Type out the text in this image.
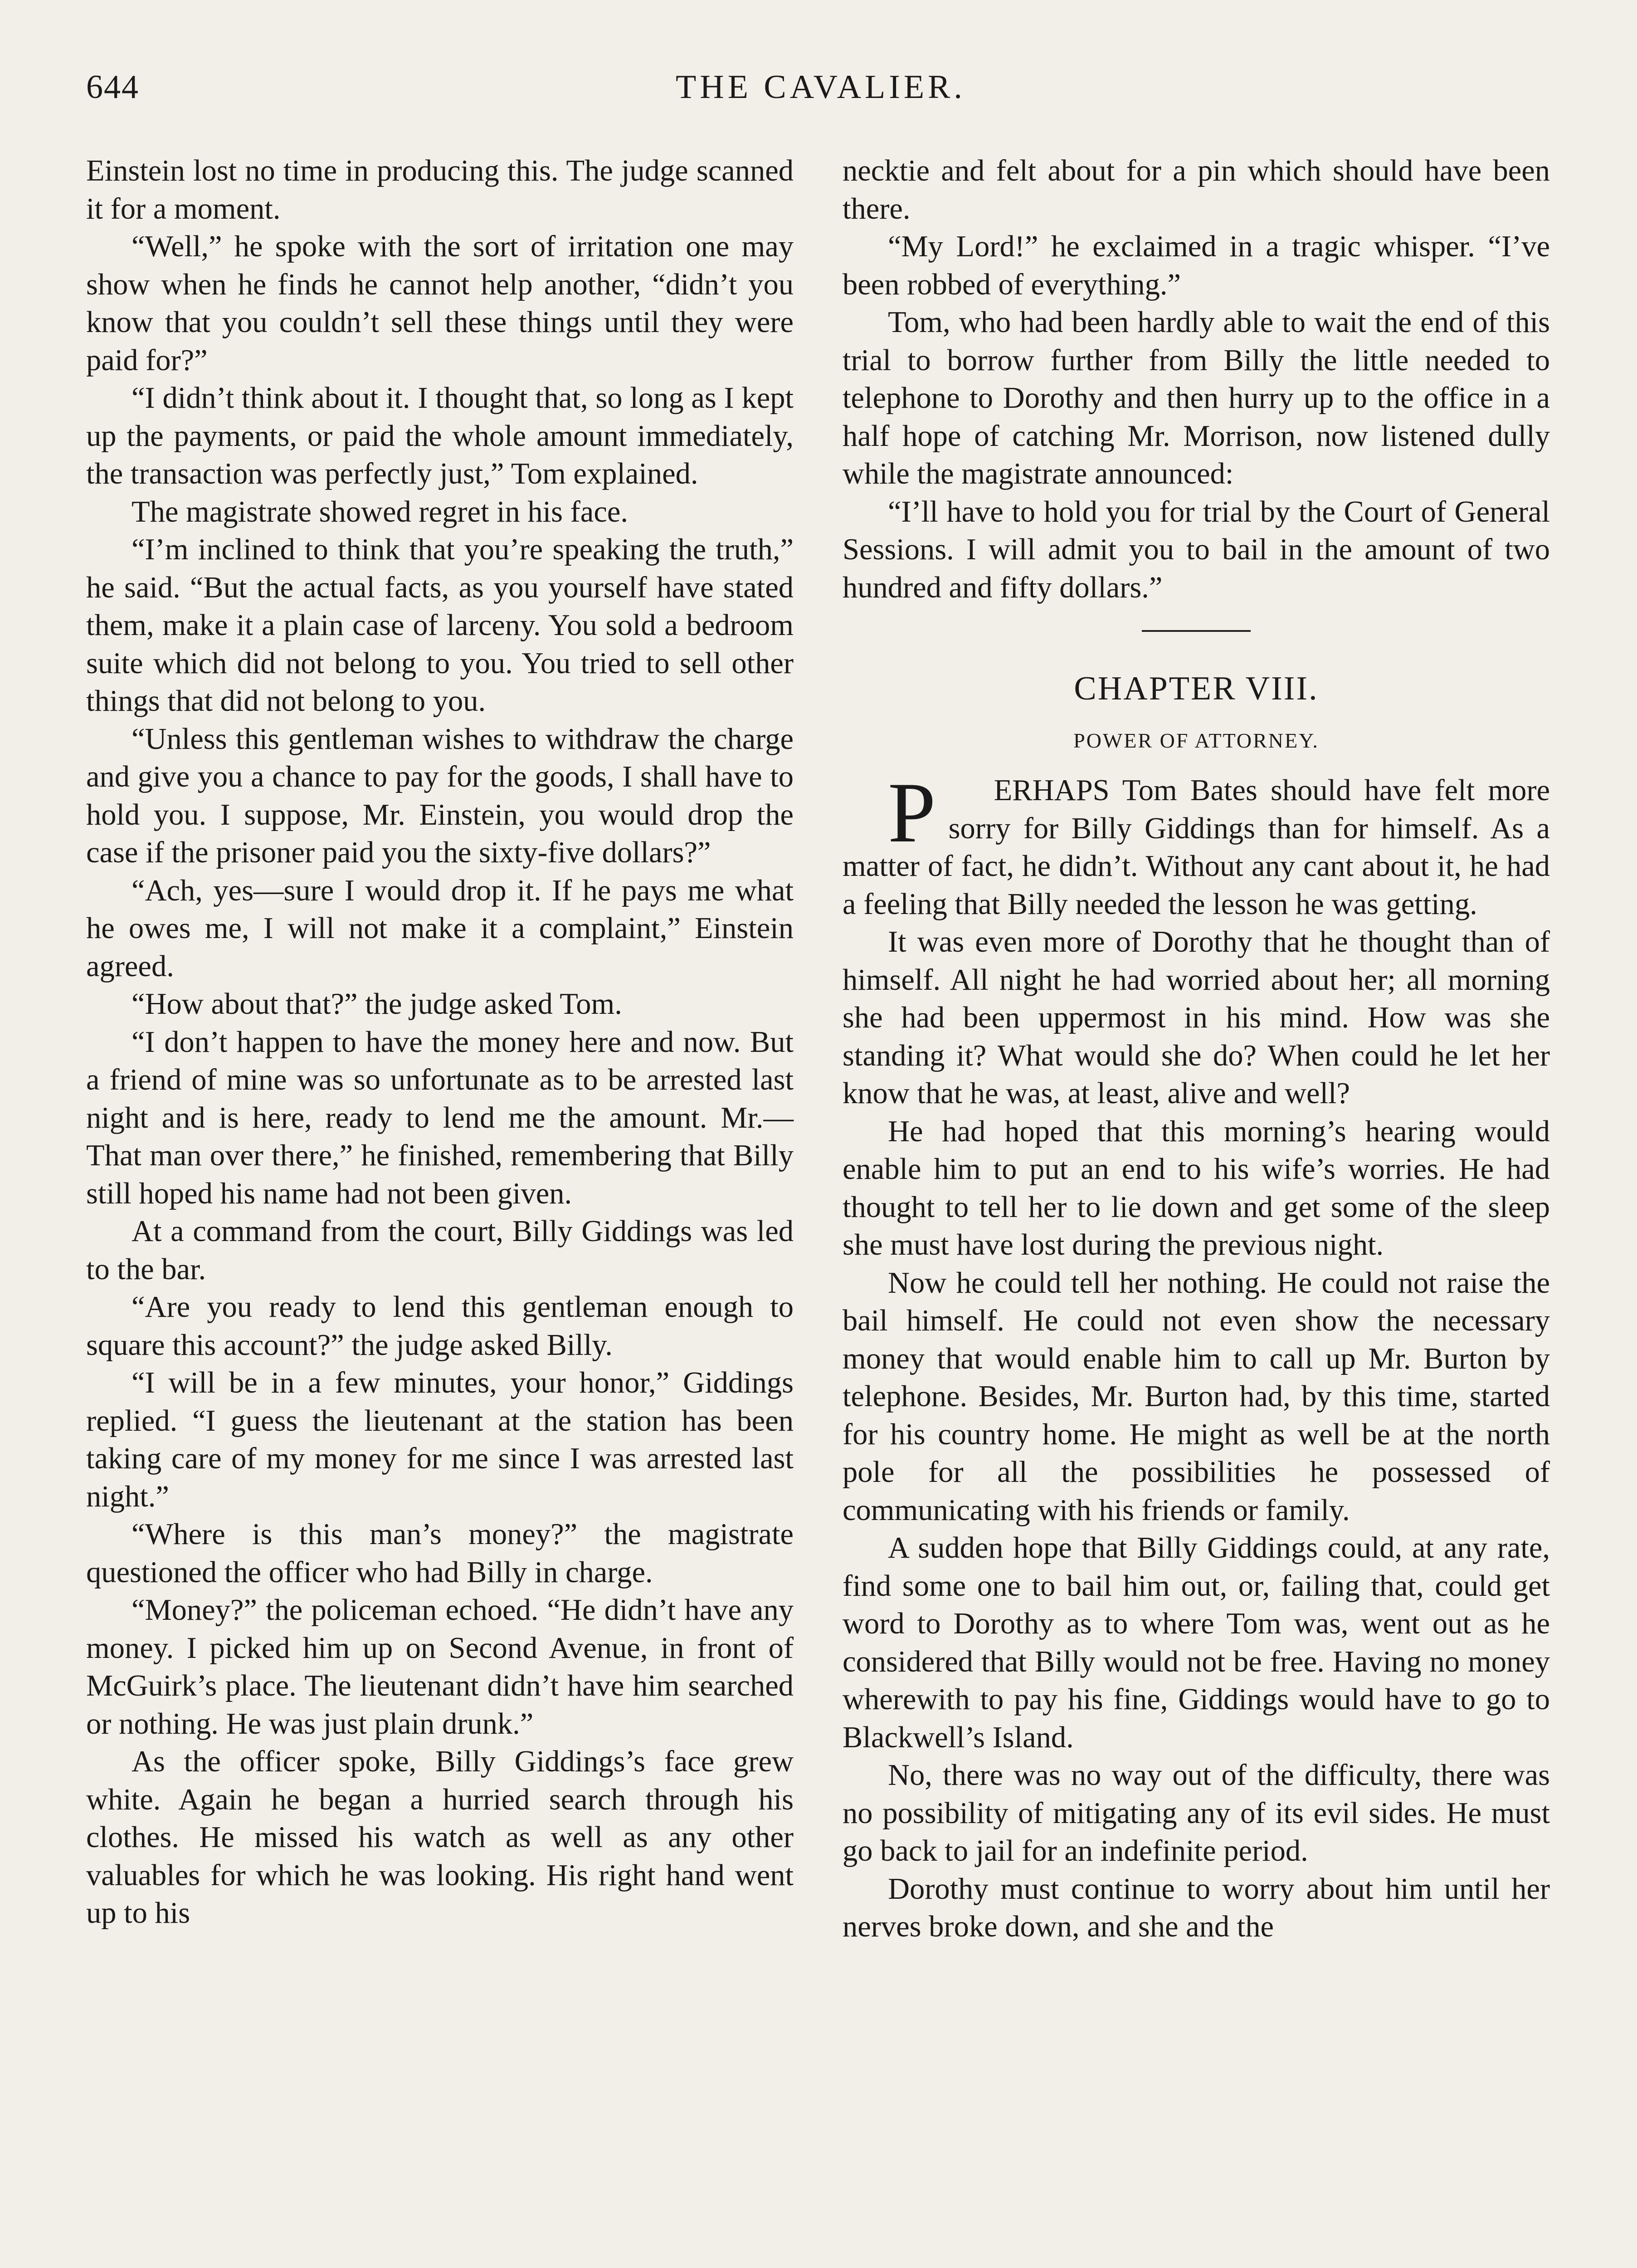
644	THE CAVALIER.

Einstein lost no time in producing this. The judge scanned it for a moment.

“Well,” he spoke with the sort of irritation one may show when he finds he cannot help another, “didn’t you know that you couldn’t sell these things until they were paid for?”

“I didn’t think about it. I thought that, so long as I kept up the payments, or paid the whole amount immediately, the transaction was perfectly just,” Tom explained.

The magistrate showed regret in his face.

“I’m inclined to think that you’re speaking the truth,” he said. “But the actual facts, as you yourself have stated them, make it a plain case of larceny. You sold a bedroom suite which did not belong to you. You tried to sell other things that did not belong to you.

“Unless this gentleman wishes to withdraw the charge and give you a chance to pay for the goods, I shall have to hold you. I suppose, Mr. Einstein, you would drop the case if the prisoner paid you the sixty-five dollars?”

“Ach, yes—sure I would drop it. If he pays me what he owes me, I will not make it a complaint,” Einstein agreed.

“How about that?” the judge asked Tom.

“I don’t happen to have the money here and now. But a friend of mine was so unfortunate as to be arrested last night and is here, ready to lend me the amount. Mr.— That man over there,” he finished, remembering that Billy still hoped his name had not been given.

At a command from the court, Billy Giddings was led to the bar.

“Are you ready to lend this gentleman enough to square this account?” the judge asked Billy.

“I will be in a few minutes, your honor,” Giddings replied. “I guess the lieutenant at the station has been taking care of my money for me since I was arrested last night.”

“Where is this man’s money?” the magistrate questioned the officer who had Billy in charge.

“Money?” the policeman echoed. “He didn’t have any money. I picked him up on Second Avenue, in front of McGuirk’s place. The lieutenant didn’t have him searched or nothing. He was just plain drunk.”

As the officer spoke, Billy Giddings’s face grew white. Again he began a hurried search through his clothes. He missed his watch as well as any other valuables for which he was looking. His right hand went up to his

necktie and felt about for a pin which should have been there.

“My Lord!” he exclaimed in a tragic whisper. “I’ve been robbed of everything.”

Tom, who had been hardly able to wait the end of this trial to borrow further from Billy the little needed to telephone to Dorothy and then hurry up to the office in a half hope of catching Mr. Morrison, now listened dully while the magistrate announced:

“I’ll have to hold you for trial by the Court of General Sessions. I will admit you to bail in the amount of two hundred and fifty dollars.”

CHAPTER VIII.
POWER OF ATTORNEY.

P ERHAPS Tom Bates should have felt more sorry for Billy Giddings than for himself. As a matter of fact, he didn’t. Without any cant about it, he had a feeling that Billy needed the lesson he was getting.

It was even more of Dorothy that he thought than of himself. All night he had worried about her; all morning she had been uppermost in his mind. How was she standing it? What would she do? When could he let her know that he was, at least, alive and well?

He had hoped that this morning’s hearing would enable him to put an end to his wife’s worries. He had thought to tell her to lie down and get some of the sleep she must have lost during the previous night.

Now he could tell her nothing. He could not raise the bail himself. He could not even show the necessary money that would enable him to call up Mr. Burton by telephone. Besides, Mr. Burton had, by this time, started for his country home. He might as well be at the north pole for all the possibilities he possessed of communicating with his friends or family.

A sudden hope that Billy Giddings could, at any rate, find some one to bail him out, or, failing that, could get word to Dorothy as to where Tom was, went out as he considered that Billy would not be free. Having no money wherewith to pay his fine, Giddings would have to go to Blackwell’s Island.

No, there was no way out of the difficulty, there was no possibility of mitigating any of its evil sides. He must go back to jail for an indefinite period.

Dorothy must continue to worry about him until her nerves broke down, and she and the
